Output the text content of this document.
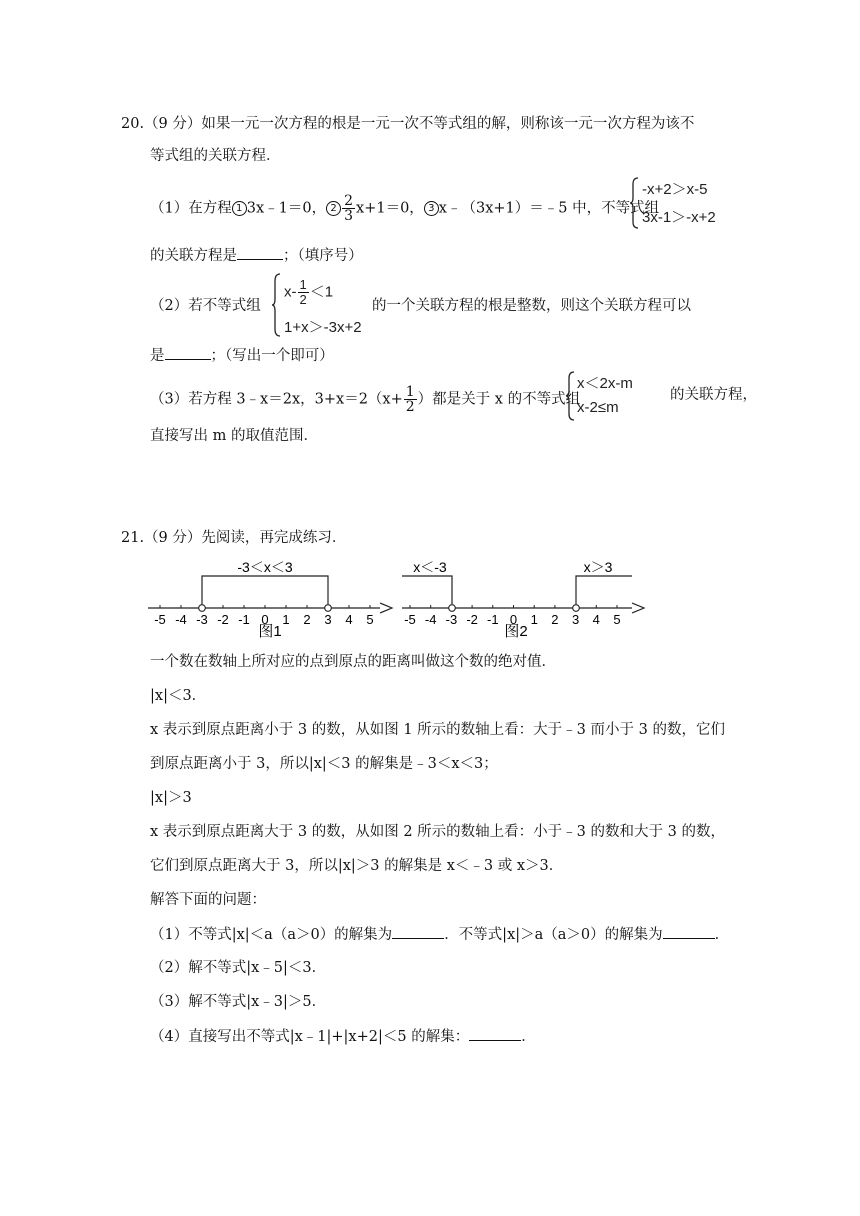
20.（9 分）如果一元一次方程的根是一元一次不等式组的解，则称该一元一次方程为该不
等式组的关联方程．
（1）在方程 1 3x﹣1＝0， $2 \frac{2}{3} x+1=0$， 3 x﹣（3x+1）＝﹣5 中，不等式组
-x+2＞x-5
3x-1＞-x+2
的关联方程是	；（填序号）
（2）若不等式组
$x- \frac{1}{2} <1$
1+x＞-3x+2
的一个关联方程的根是整数，则这个关联方程可以
是	；（写出一个即可）
（3）若方程 3﹣x＝2x，$3+x=2(x+ \frac{1}{2}$ ）都是关于 x 的不等式组
x＜2x-m
x-2≤m
的关联方程，
直接写出 m 的取值范围．
21.（9 分）先阅读，再完成练习．
-5 -4 -3 -2 -1 0 1 2 3 4 5
-3＜x＜3
图1
-5 -4 -3 -2 -1 0 1 2 3 4 5
x＜-3	x＞3
图2
一个数在数轴上所对应的点到原点的距离叫做这个数的绝对值．
|x|＜3．
x 表示到原点距离小于 3 的数，从如图 1 所示的数轴上看：大于﹣3 而小于 3 的数，它们
到原点距离小于 3，所以|x|＜3 的解集是﹣3＜x＜3；
|x|＞3
x 表示到原点距离大于 3 的数，从如图 2 所示的数轴上看：小于﹣3 的数和大于 3 的数，
它们到原点距离大于 3，所以|x|＞3 的解集是 x＜﹣3 或 x＞3．
解答下面的问题：
（1）不等式|x|＜a（a＞0）的解集为	．不等式|x|＞a（a＞0）的解集为	．
（2）解不等式|x﹣5|＜3．
（3）解不等式|x﹣3|＞5．
（4）直接写出不等式|x﹣1|+|x+2|＜5 的解集：	．
